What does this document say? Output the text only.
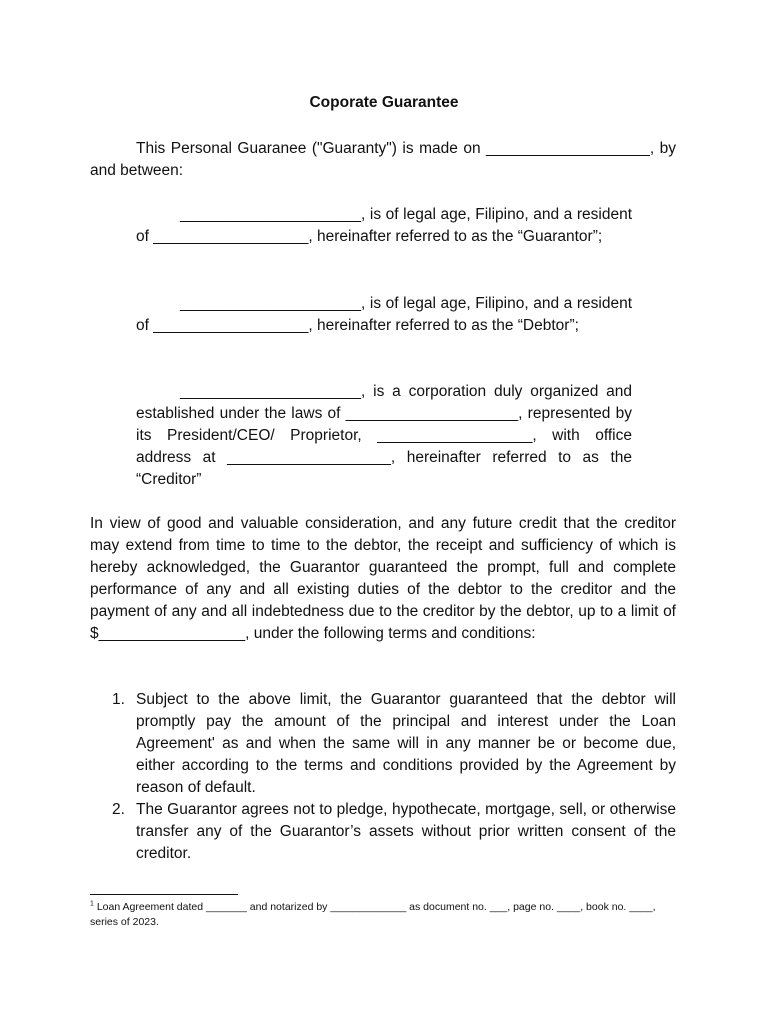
Coporate Guarantee

This Personal Guaranee ("Guaranty") is made on ___________________, by and between:

_____________________, is of legal age, Filipino, and a resident of __________________, hereinafter referred to as the “Guarantor”;

_____________________, is of legal age, Filipino, and a resident of __________________, hereinafter referred to as the “Debtor”;

_____________________, is a corporation duly organized and established under the laws of ____________________, represented by its President/CEO/ Proprietor, __________________, with office address at ___________________, hereinafter referred to as the “Creditor”

In view of good and valuable consideration, and any future credit that the creditor may extend from time to time to the debtor, the receipt and sufficiency of which is hereby acknowledged, the Guarantor guaranteed the prompt, full and complete performance of any and all existing duties of the debtor to the creditor and the payment of any and all indebtedness due to the creditor by the debtor, up to a limit of $_________________, under the following terms and conditions:

1. Subject to the above limit, the Guarantor guaranteed that the debtor will promptly pay the amount of the principal and interest under the Loan Agreement' as and when the same will in any manner be or become due, either according to the terms and conditions provided by the Agreement by reason of default.
2. The Guarantor agrees not to pledge, hypothecate, mortgage, sell, or otherwise transfer any of the Guarantor’s assets without prior written consent of the creditor.

$^1$ Loan Agreement dated _______ and notarized by _____________ as document no. ___, page no. ____, book no. ____, series of 2023.
